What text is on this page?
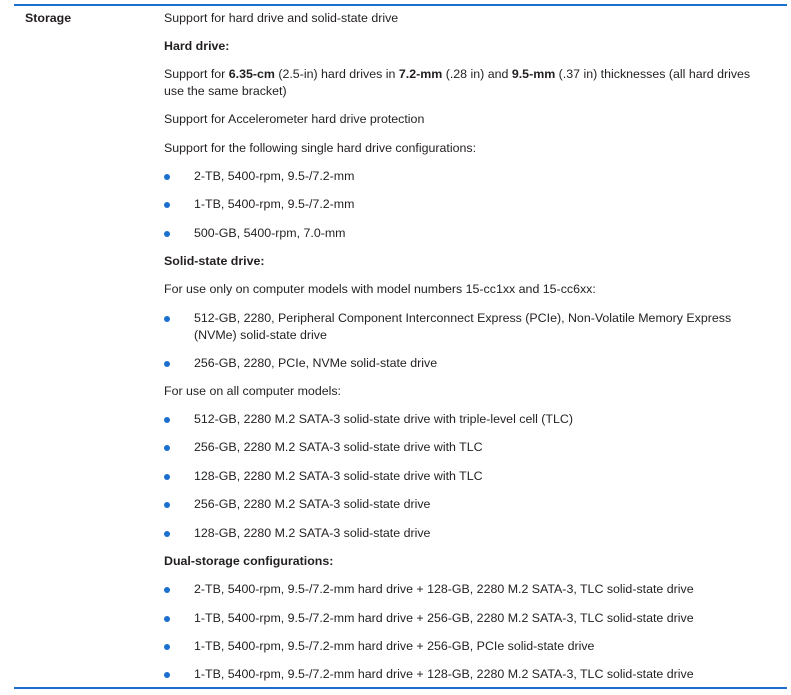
Storage	Support for hard drive and solid-state drive
Hard drive:
Support for 6.35-cm (2.5-in) hard drives in 7.2-mm (.28 in) and 9.5-mm (.37 in) thicknesses (all hard drives use the same bracket)
Support for Accelerometer hard drive protection
Support for the following single hard drive configurations:
2-TB, 5400-rpm, 9.5-/7.2-mm
1-TB, 5400-rpm, 9.5-/7.2-mm
500-GB, 5400-rpm, 7.0-mm
Solid-state drive:
For use only on computer models with model numbers 15-cc1xx and 15-cc6xx:
512-GB, 2280, Peripheral Component Interconnect Express (PCIe), Non-Volatile Memory Express (NVMe) solid-state drive
256-GB, 2280, PCIe, NVMe solid-state drive
For use on all computer models:
512-GB, 2280 M.2 SATA-3 solid-state drive with triple-level cell (TLC)
256-GB, 2280 M.2 SATA-3 solid-state drive with TLC
128-GB, 2280 M.2 SATA-3 solid-state drive with TLC
256-GB, 2280 M.2 SATA-3 solid-state drive
128-GB, 2280 M.2 SATA-3 solid-state drive
Dual-storage configurations:
2-TB, 5400-rpm, 9.5-/7.2-mm hard drive + 128-GB, 2280 M.2 SATA-3, TLC solid-state drive
1-TB, 5400-rpm, 9.5-/7.2-mm hard drive + 256-GB, 2280 M.2 SATA-3, TLC solid-state drive
1-TB, 5400-rpm, 9.5-/7.2-mm hard drive + 256-GB, PCIe solid-state drive
1-TB, 5400-rpm, 9.5-/7.2-mm hard drive + 128-GB, 2280 M.2 SATA-3, TLC solid-state drive
